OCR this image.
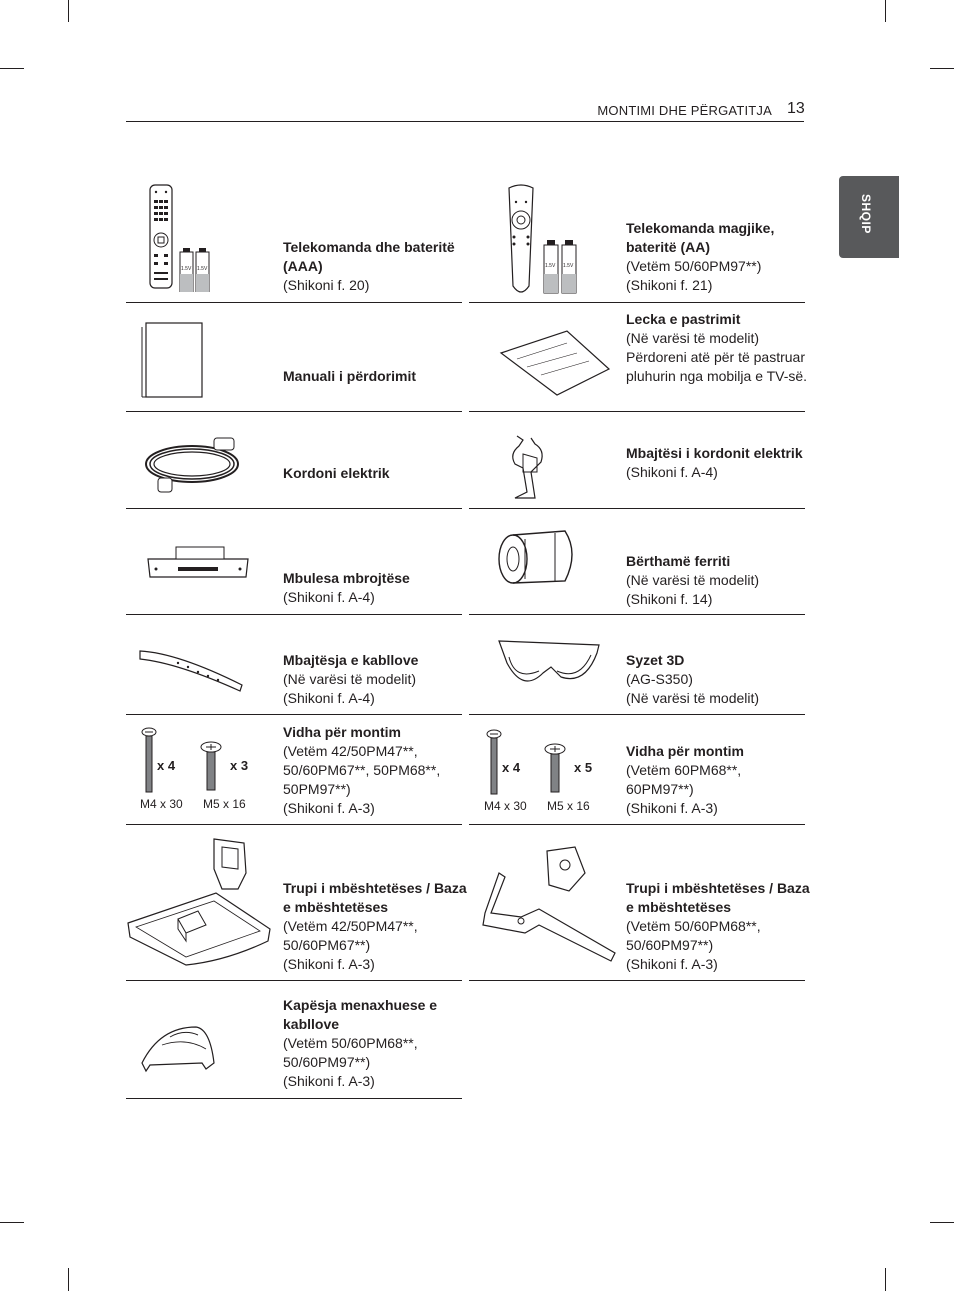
MONTIMI DHE PËRGATITJA 13
SHQIP
1.5V 1.5V
Telekomanda dhe bateritë (AAA)
(Shikoni f. 20)
1.5V 1.5V
Telekomanda magjike, bateritë (AA)
(Vetëm 50/60PM97**)
(Shikoni f. 21)
Manuali i përdorimit
Lecka e pastrimit
(Në varësi të modelit)
Përdoreni atë për të pastruar pluhurin nga mobilja e TV-së.
Kordoni elektrik
Mbajtësi i kordonit elektrik
(Shikoni f. A-4)
Mbulesa mbrojtëse
(Shikoni f. A-4)
Bërthamë ferriti
(Në varësi të modelit)
(Shikoni f. 14)
Mbajtësja e kabllove
(Në varësi të modelit)
(Shikoni f. A-4)
Syzet 3D
(AG-S350)
(Në varësi të modelit)
x 4	x 3
M4 x 30 M5 x 16
Vidha për montim
(Vetëm 42/50PM47**, 50/60PM67**, 50PM68**, 50PM97**)
(Shikoni f. A-3)
x 4	x 5
M4 x 30 M5 x 16
Vidha për montim
(Vetëm 60PM68**, 60PM97**)
(Shikoni f. A-3)
Trupi i mbështetëses / Baza e mbështetëses
(Vetëm 42/50PM47**, 50/60PM67**)
(Shikoni f. A-3)
Trupi i mbështetëses / Baza e mbështetëses
(Vetëm 50/60PM68**, 50/60PM97**)
(Shikoni f. A-3)
Kapësja menaxhuese e kabllove
(Vetëm 50/60PM68**, 50/60PM97**)
(Shikoni f. A-3)
